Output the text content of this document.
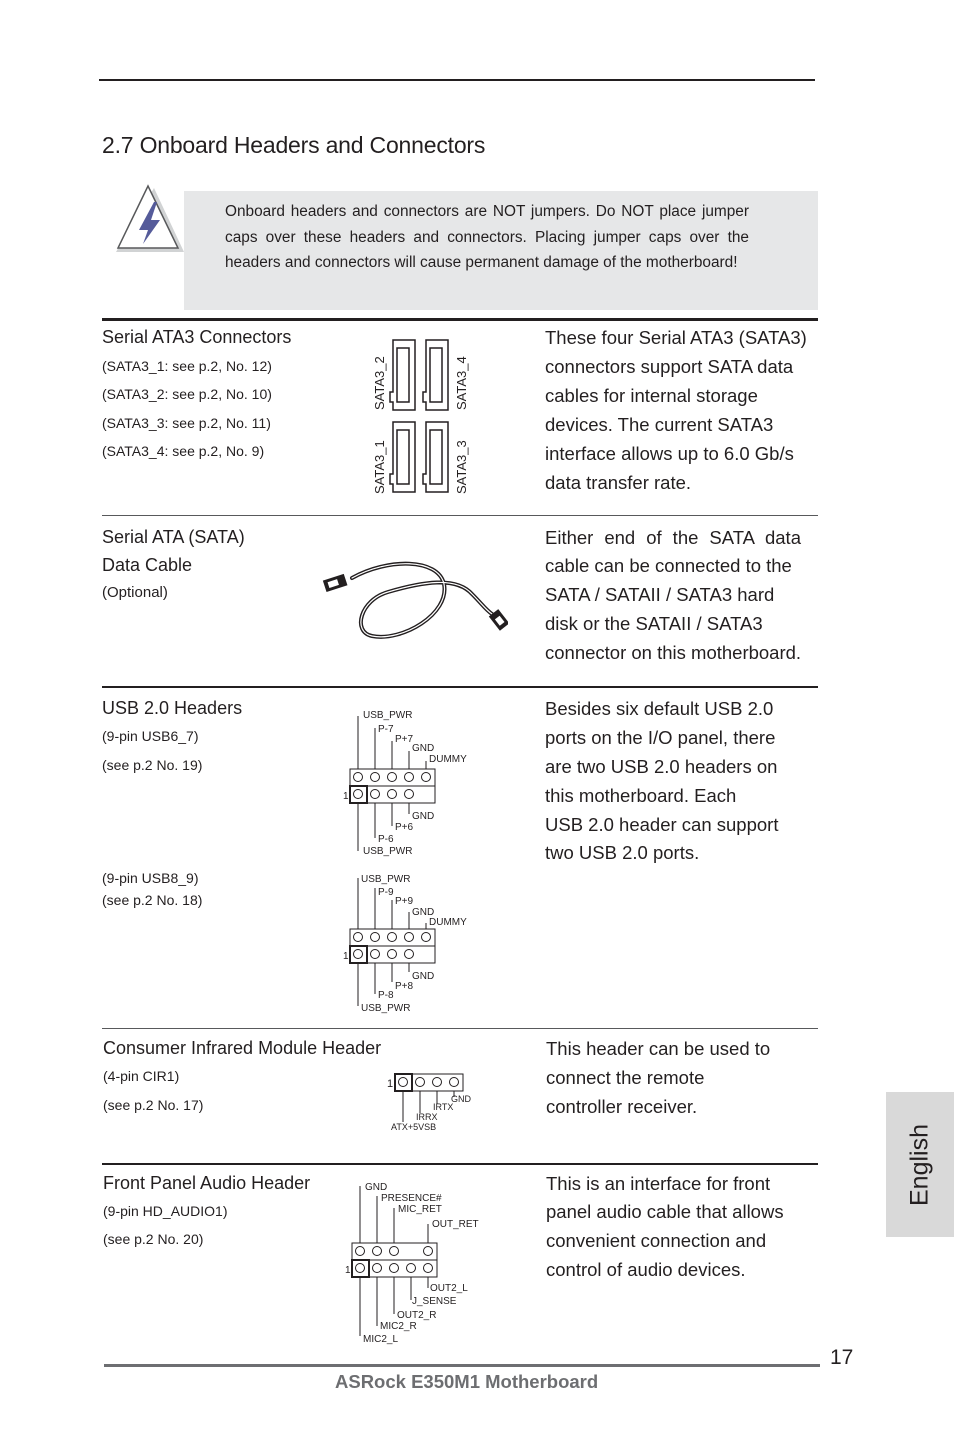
2.7 Onboard Headers and Connectors
Onboard headers and connectors are NOT jumpers. Do NOT place jumper caps over these headers and connectors. Placing jumper caps over the headers and connectors will cause permanent damage of the motherboard!
Serial ATA3 Connectors
(SATA3_1: see p.2, No. 12)
(SATA3_2: see p.2, No. 10)
(SATA3_3: see p.2, No. 11)
(SATA3_4: see p.2, No. 9)
SATA3_2	SATA3_4
SATA3_1	SATA3_3
These four Serial ATA3 (SATA3)
connectors support SATA data
cables for internal storage
devices. The current SATA3
interface allows up to 6.0 Gb/s
data transfer rate.
Serial ATA (SATA)
Data Cable
(Optional)
Either end of the SATA data
cable can be connected to the
SATA / SATAII / SATA3 hard
disk or the SATAII / SATA3
connector on this motherboard.
USB 2.0 Headers
(9-pin USB6_7)
(see p.2 No. 19)
(9-pin USB8_9)
(see p.2 No. 18)
USB_PWR
P-7
P+7
GND
DUMMY
GND
P+6
P-6
USB_PWR
1
USB_PWR
P-9
P+9
GND
DUMMY
GND
P+8
P-8
USB_PWR
1
Besides six default USB 2.0
ports on the I/O panel, there
are two USB 2.0 headers on
this motherboard. Each
USB 2.0 header can support
two USB 2.0 ports.
Consumer Infrared Module Header
(4-pin CIR1)
(see p.2 No. 17)
1
GND
IRTX
IRRX
ATX+5VSB
This header can be used to
connect the remote
controller receiver.
Front Panel Audio Header
(9-pin HD_AUDIO1)
(see p.2 No. 20)
GND
PRESENCE#
MIC_RET
OUT_RET
OUT2_L
J_SENSE
OUT2_R
MIC2_R
MIC2_L
1
This is an interface for front
panel audio cable that allows
convenient connection and
control of audio devices.
English
17
ASRock E350M1 Motherboard
